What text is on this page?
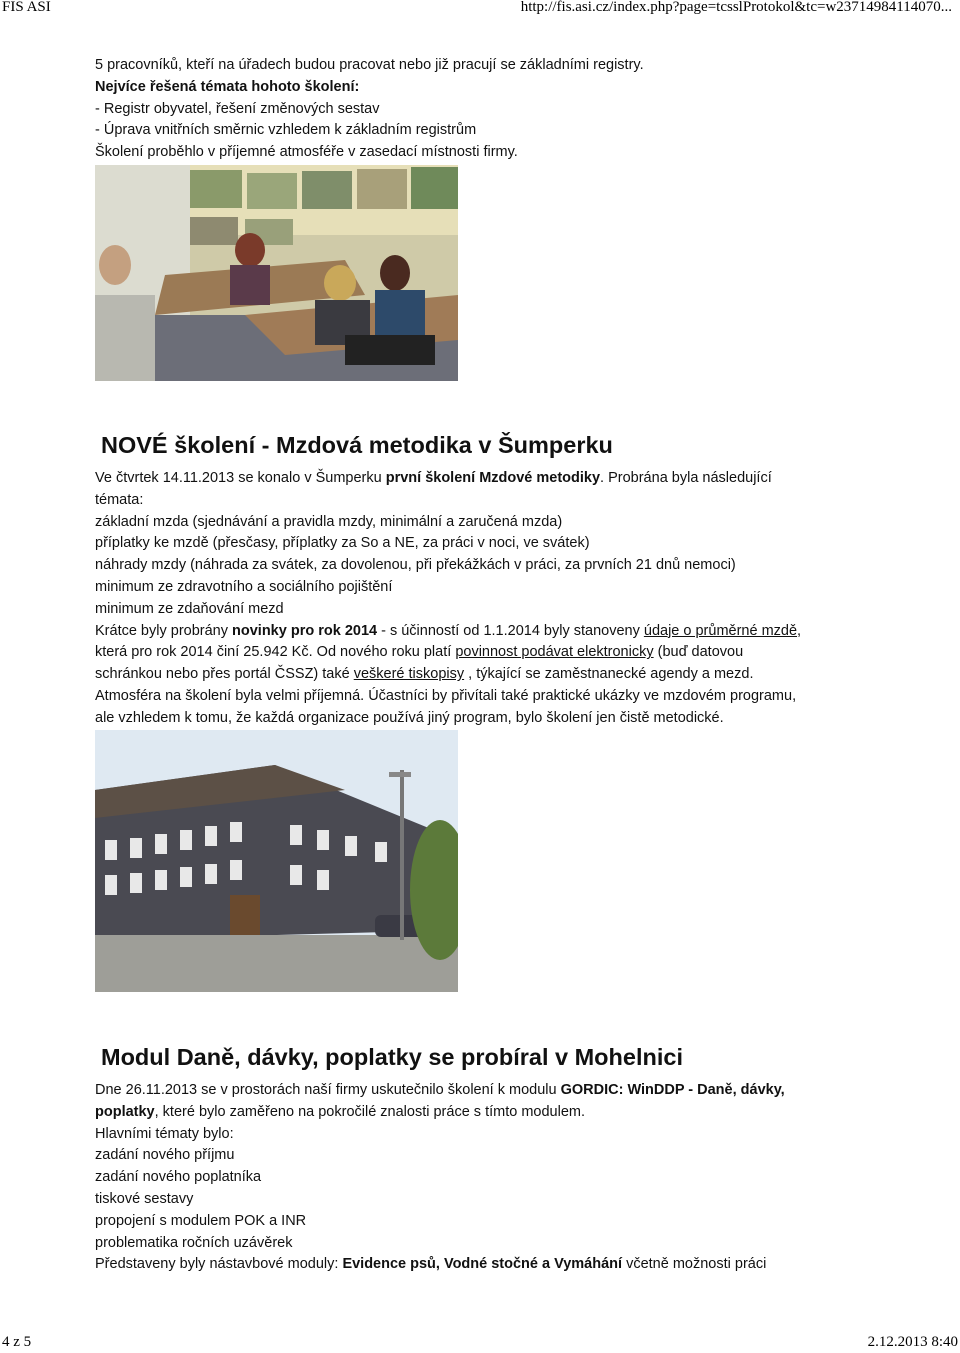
FIS ASI	http://fis.asi.cz/index.php?page=tcsslProtokol&tc=w23714984114070...

5 pracovníků, kteří na úřadech budou pracovat nebo již pracují se základními registry.

Nejvíce řešená témata hohoto školení:

- Registr obyvatel, řešení změnových sestav

- Úprava vnitřních směrnic vzhledem k základním registrům

Školení proběhlo v příjemné atmosféře v zasedací místnosti firmy.

NOVÉ školení - Mzdová metodika v Šumperku

Ve čtvrtek 14.11.2013 se konalo v Šumperku první školení Mzdové metodiky. Probrána byla následující

témata:

základní mzda (sjednávání a pravidla mzdy, minimální a zaručená mzda)

příplatky ke mzdě (přesčasy, příplatky za So a NE, za práci v noci, ve svátek)

náhrady mzdy (náhrada za svátek, za dovolenou, při překážkách v práci, za prvních 21 dnů nemoci)

minimum ze zdravotního a sociálního pojištění

minimum ze zdaňování mezd

Krátce byly probrány novinky pro rok 2014 - s účinností od 1.1.2014 byly stanoveny údaje o průměrné mzdě,

která pro rok 2014 činí 25.942 Kč. Od nového roku platí povinnost podávat elektronicky (buď datovou

schránkou nebo přes portál ČSSZ) také veškeré tiskopisy , týkající se zaměstnanecké agendy a mezd.

Atmosféra na školení byla velmi příjemná. Účastníci by přivítali také praktické ukázky ve mzdovém programu,

ale vzhledem k tomu, že každá organizace používá jiný program, bylo školení jen čistě metodické.

Modul Daně, dávky, poplatky se probíral v Mohelnici

Dne 26.11.2013 se v prostorách naší firmy uskutečnilo školení k modulu GORDIC: WinDDP - Daně, dávky,

poplatky, které bylo zaměřeno na pokročilé znalosti práce s tímto modulem.

Hlavními tématy bylo:

zadání nového příjmu

zadání nového poplatníka

tiskové sestavy

propojení s modulem POK a INR

problematika ročních uzávěrek

Představeny byly nástavbové moduly: Evidence psů, Vodné stočné a Vymáhání včetně možnosti práci

4 z 5	2.12.2013 8:40
